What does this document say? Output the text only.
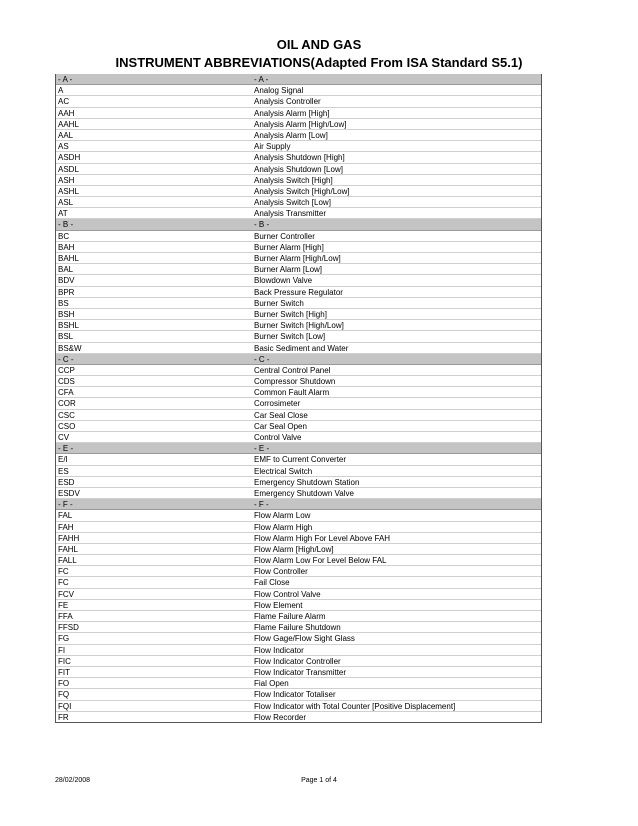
OIL AND GAS
INSTRUMENT ABBREVIATIONS(Adapted From ISA Standard S5.1)
- A -	- A -
A	Analog Signal
AC	Analysis Controller
AAH	Analysis Alarm [High]
AAHL	Analysis Alarm [High/Low]
AAL	Analysis Alarm [Low]
AS	Air Supply
ASDH	Analysis Shutdown [High]
ASDL	Analysis Shutdown [Low]
ASH	Analysis Switch [High]
ASHL	Analysis Switch [High/Low]
ASL	Analysis Switch [Low]
AT	Analysis Transmitter
- B -	- B -
BC	Burner Controller
BAH	Burner Alarm [High]
BAHL	Burner Alarm [High/Low]
BAL	Burner Alarm [Low]
BDV	Blowdown Valve
BPR	Back Pressure Regulator
BS	Burner Switch
BSH	Burner Switch [High]
BSHL	Burner Switch [High/Low]
BSL	Burner Switch [Low]
BS&W	Basic Sediment and Water
- C -	- C -
CCP	Central Control Panel
CDS	Compressor Shutdown
CFA	Common Fault Alarm
COR	Corrosimeter
CSC	Car Seal Close
CSO	Car Seal Open
CV	Control Valve
- E -	- E -
E/I	EMF to Current Converter
ES	Electrical Switch
ESD	Emergency Shutdown Station
ESDV	Emergency Shutdown Valve
- F -	- F -
FAL	Flow Alarm Low
FAH	Flow Alarm High
FAHH	Flow Alarm High For Level Above FAH
FAHL	Flow Alarm [High/Low]
FALL	Flow Alarm Low For Level Below FAL
FC	Flow Controller
FC	Fail Close
FCV	Flow Control Valve
FE	Flow Element
FFA	Flame Failure Alarm
FFSD	Flame Failure Shutdown
FG	Flow Gage/Flow Sight Glass
FI	Flow Indicator
FIC	Flow Indicator Controller
FIT	Flow Indicator Transmitter
FO	Fial Open
FQ	Flow Indicator Totaliser
FQI	Flow Indicator with Total Counter [Positive Displacement]
FR	Flow Recorder
28/02/2008	Page 1 of 4
